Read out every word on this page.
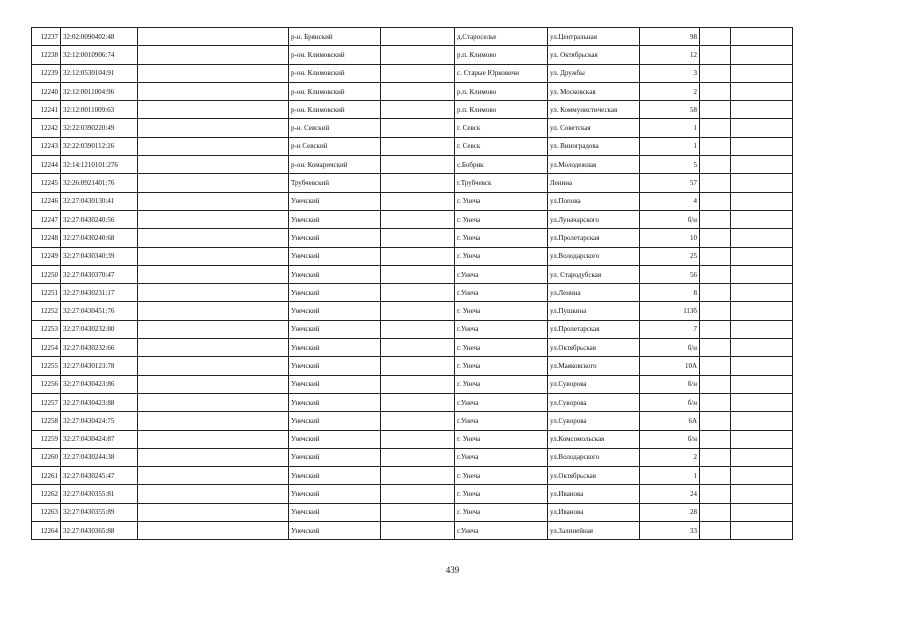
12237	32:02:0090402:48		р-н. Брянский		д.Староселье	ул.Центральная	98		
12238	32:12:0010906:74		р-он. Климовский		р.п. Климово	ул. Октябрьская	12		
12239	32:12:0530104:91		р-он. Климовский		с. Старые Юрковичи	ул. Дружбы	3		
12240	32:12:0011004:96		р-он. Климовский		р.п. Климово	ул. Московская	2		
12241	32:12:0011009:63		р-он. Климовский		р.п. Климово	ул. Коммунистическая	58		
12242	32:22:0390220:49		р-н. Севский		г. Севск	ул. Советская	1		
12243	32:22:0390112:26		р-н Севский		г. Севск	ул. Виноградова	1		
12244	32:14:1210101:276		р-он. Комаричский		с.Бобрик	ул.Молодежная	5		
12245	32:26:0921401:76		Трубчевский		г.Трубчевск	Ленина	57		
12246	32:27:0430130:41		Унечский		г. Унеча	ул.Попова	4		
12247	32:27:0430240:56		Унечский		г. Унеча	ул.Луначарского	б/н		
12248	32:27:0430240:68		Унечский		г. Унеча	ул.Пролетарская	10		
12249	32:27:0430340:39		Унечский		г. Унеча	ул.Володарского	25		
12250	32:27:0430370:47		Унечский		г.Унеча	ул. Стародубская	56		
12251	32:27:0430231:17		Унечский		г.Унеча	ул.Ленина	8		
12252	32:27:0430451:76		Унечский		г. Унеча	ул.Пушкина	113б		
12253	32:27:0430232:80		Унечский		г.Унеча	ул.Пролетарская	7		
12254	32:27:0430232:66		Унечский		г. Унеча	ул.Октябрьская	б/н		
12255	32:27:0430123:78		Унечский		г. Унеча	ул.Маяковского	10А		
12256	32:27:0430423:86		Унечский		г. Унеча	ул.Суворова	б/н		
12257	32:27:0430423:88		Унечский		г.Унеча	ул.Суворова	б/н		
12258	32:27:0430424:75		Унечский		г.Унеча	ул.Суворова	6А		
12259	32:27:0430424:87		Унечский		г. Унеча	ул.Комсомольская	б/н		
12260	32:27:0430244:38		Унечский		г.Унеча	ул.Володарского	2		
12261	32:27:0430245:47		Унечский		г. Унеча	ул.Октябрьская	1		
12262	32:27:0430355:81		Унечский		г. Унеча	ул.Иванова	24		
12263	32:27:0430355:89		Унечский		г. Унеча	ул.Иванова	28		
12264	32:27:0430365:88		Унечский		г.Унеча	ул.Залинейная	33		
439
